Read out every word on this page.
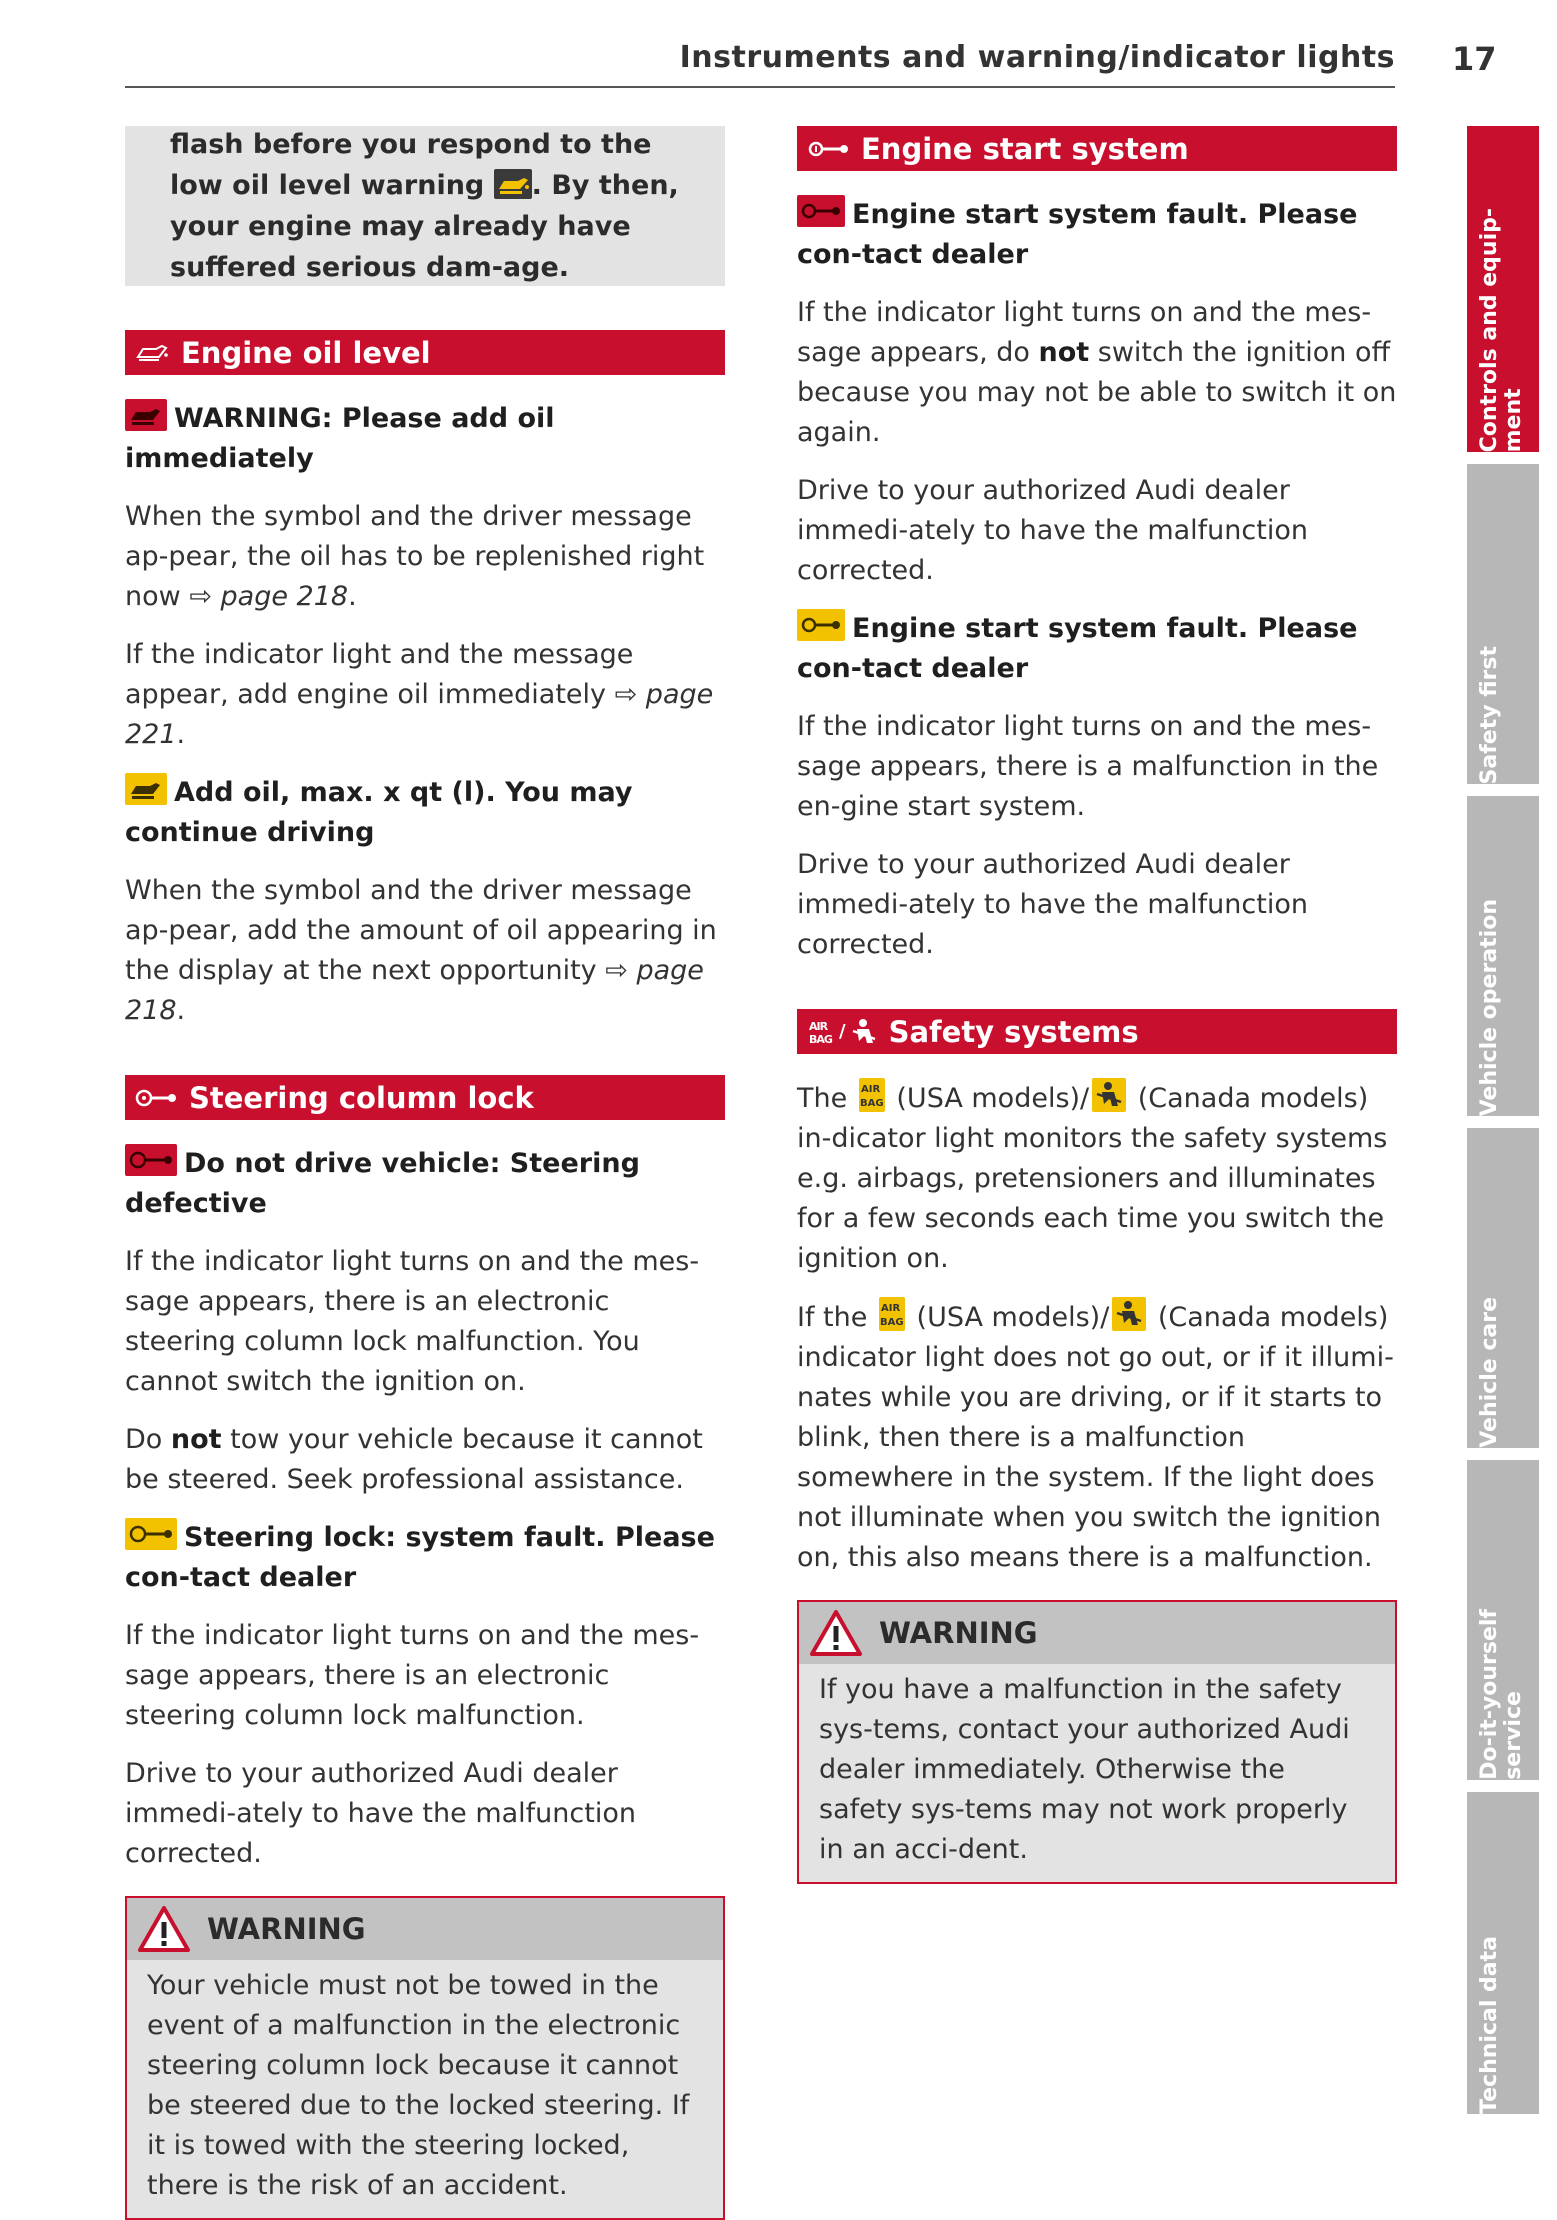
Instruments and warning/indicator lights 17

flash before you respond to the low oil level warning
. By then, your engine may already have suffered serious dam-age.

Engine oil level

WARNING: Please add oil immediately

When the symbol and the driver message ap-pear, the oil has to be replenished right now ⇨ page 218.

If the indicator light and the message appear, add engine oil immediately ⇨ page 221.

Add oil, max. x qt (l). You may continue driving

When the symbol and the driver message ap-pear, add the amount of oil appearing in the display at the next opportunity ⇨ page 218.

Steering column lock

Do not drive vehicle: Steering defective

If the indicator light turns on and the mes-sage appears, there is an electronic steering column lock malfunction. You cannot switch the ignition on.

Do not tow your vehicle because it cannot be steered. Seek professional assistance.

Steering lock: system fault. Please con-tact dealer

If the indicator light turns on and the mes-sage appears, there is an electronic steering column lock malfunction.

Drive to your authorized Audi dealer immedi-ately to have the malfunction corrected.

WARNING
Your vehicle must not be towed in the event of a malfunction in the electronic steering column lock because it cannot be steered due to the locked steering. If it is towed with the steering locked, there is the risk of an accident.
Engine start system

Engine start system fault. Please con-tact dealer

If the indicator light turns on and the mes-sage appears, do not switch the ignition off because you may not be able to switch it on again.

Drive to your authorized Audi dealer immedi-ately to have the malfunction corrected.

Engine start system fault. Please con-tact dealer

If the indicator light turns on and the mes-sage appears, there is a malfunction in the en-gine start system.

Drive to your authorized Audi dealer immedi-ately to have the malfunction corrected.

AIR
BAG / Safety systems

The AIR
BAG (USA models)/ (Canada models) in-dicator light monitors the safety systems e.g. airbags, pretensioners and illuminates for a few seconds each time you switch the ignition on.

If the AIR
BAG (USA models)/ (Canada models) indicator light does not go out, or if it illumi-nates while you are driving, or if it starts to blink, then there is a malfunction somewhere in the system. If the light does not illuminate when you switch the ignition on, this also means there is a malfunction.

WARNING
If you have a malfunction in the safety sys-tems, contact your authorized Audi dealer immediately. Otherwise the safety sys-tems may not work properly in an acci-dent.
Controls and equip-
ment
Safety first
Vehicle operation
Vehicle care
Do-it-yourself
service
Technical data
